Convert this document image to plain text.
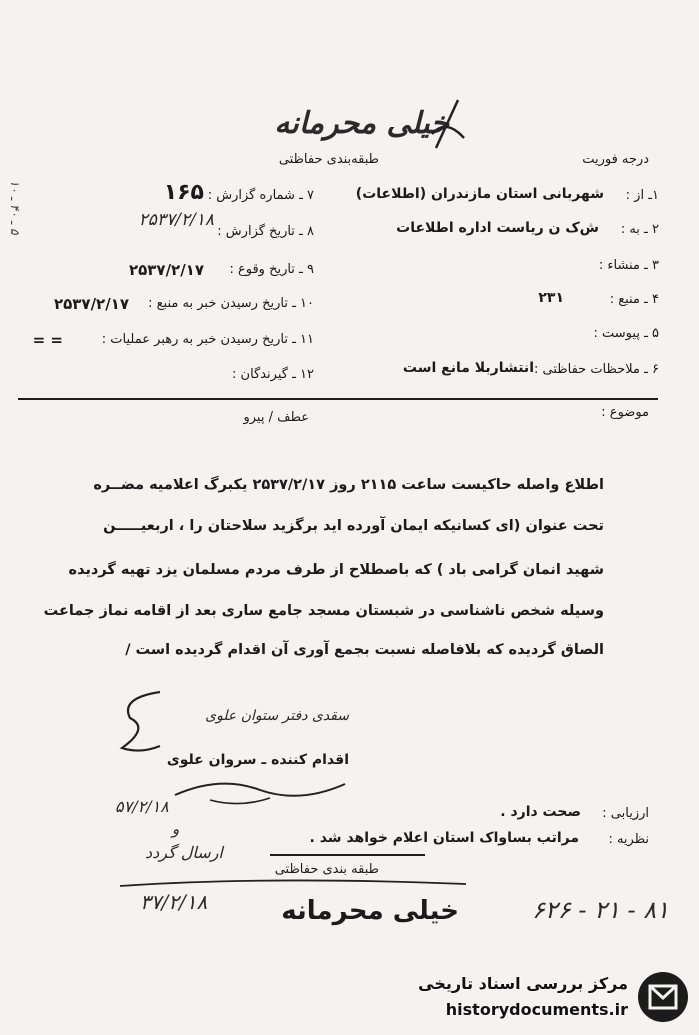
خیلی محرمانه
درجه فوریت
طبقه‌بندی حفاظتی
۵ ـ ۴۰ ـ ۱۰
۱ـ از :
شهربانی استان مازندران (اطلاعات)
۲ ـ به :
ش‌ک ن ریاست اداره اطلاعات
۳ ـ منشاء :
۴ ـ منبع :
۲۳۱
۵ ـ پیوست :
۶ ـ ملاحظات حفاظتی :
انتشاربلا مانع است
۷ ـ شماره گزارش :
۱۶۵
۸ ـ تاریخ گزارش :
۲۵۳۷/۲/۱۸
۹ ـ تاریخ وقوع :
۲۵۳۷/۲/۱۷
۱۰ ـ تاریخ رسیدن خبر به منبع :
۲۵۳۷/۲/۱۷
۱۱ ـ تاریخ رسیدن خبر به رهبر عملیات :
= =
۱۲ ـ گیرندگان :
موضوع :
عطف / پیرو
اطلاع واصله حاکیست ساعت ۲۱۱۵ روز ۲۵۳۷/۲/۱۷ یکبرگ اعلامیه مضــره
تحت عنوان (ای کسانیکه ایمان آورده اید برگزید سلاحتان را ، اربعیـــــن
شهید انمان گرامی باد ) که باصطلاح از طرف مردم مسلمان یزد تهیه گردیده
وسیله شخص ناشناسی در شبستان مسجد جامع ساری بعد از اقامه نماز جماعت
الصاق گردیده که بلافاصله نسبت بجمع آوری آن اقدام گردیده است /
سقدی دفتر ستوان علوی
اقدام کننده ـ سروان علوی
۵۷/۲/۱۸
و
ارسال گردد
ارزیابی :
صحت دارد .
نظریه :
مراتب بساواک استان اعلام خواهد شد .
طبقه بندی حفاظتی
۳۷/۲/۱۸	خیلی محرمانه	۸۱ - ۲۱ - ۶۲۶
مرکز بررسی اسناد تاریخی
historydocuments.ir
